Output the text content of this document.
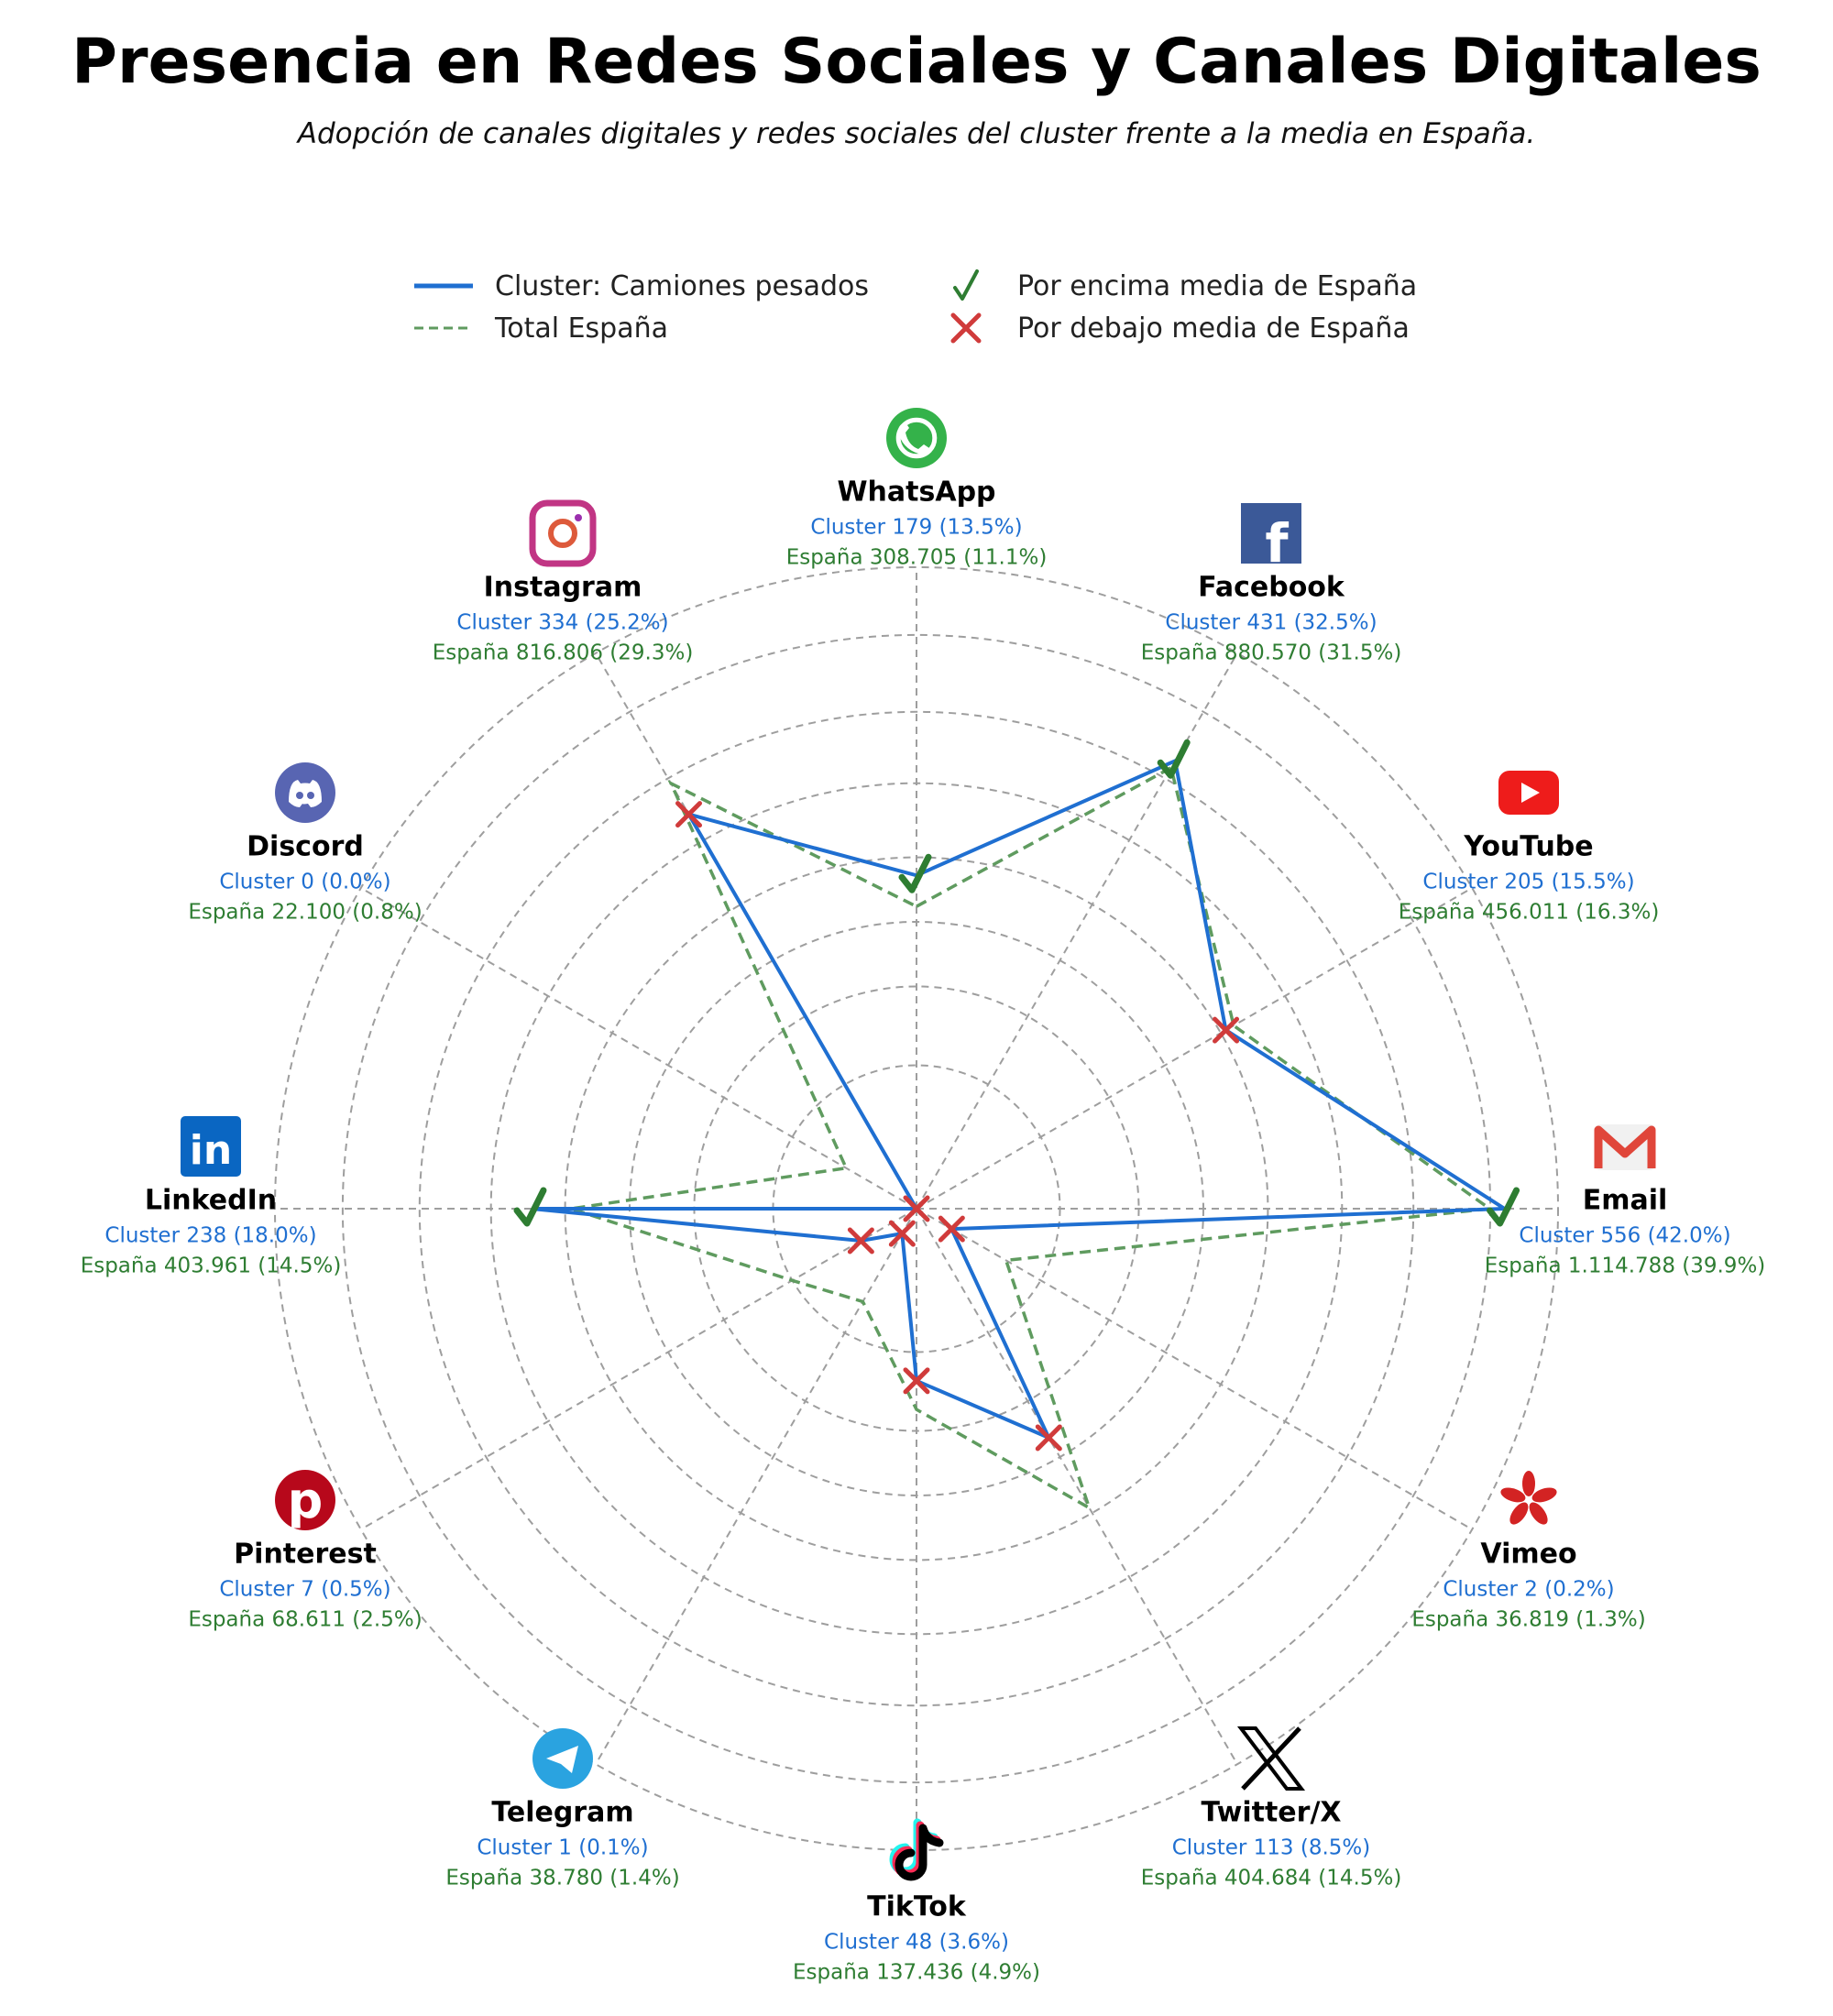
Presencia en Redes Sociales y Canales Digitales
Adopción de canales digitales y redes sociales del cluster frente a la media en España.
Cluster: Camiones pesados
Total España
Por encima media de España
Por debajo media de España
WhatsApp
Cluster 179 (13.5%)
España 308.705 (11.1%)	f
Facebook
Cluster 431 (32.5%)
España 880.570 (31.5%)
YouTube
Cluster 205 (15.5%)
España 456.011 (16.3%)
Email
Cluster 556 (42.0%)
España 1.114.788 (39.9%)
Vimeo
Cluster 2 (0.2%)
España 36.819 (1.3%)
Twitter/X
Cluster 113 (8.5%)
España 404.684 (14.5%)
TikTok
Cluster 48 (3.6%)
España 137.436 (4.9%)
Telegram
Cluster 1 (0.1%)
España 38.780 (1.4%)
p
Pinterest
Cluster 7 (0.5%)
España 68.611 (2.5%)
in
LinkedIn
Cluster 238 (18.0%)
España 403.961 (14.5%)
Discord
Cluster 0 (0.0%)
España 22.100 (0.8%)
Instagram
Cluster 334 (25.2%)
España 816.806 (29.3%)
